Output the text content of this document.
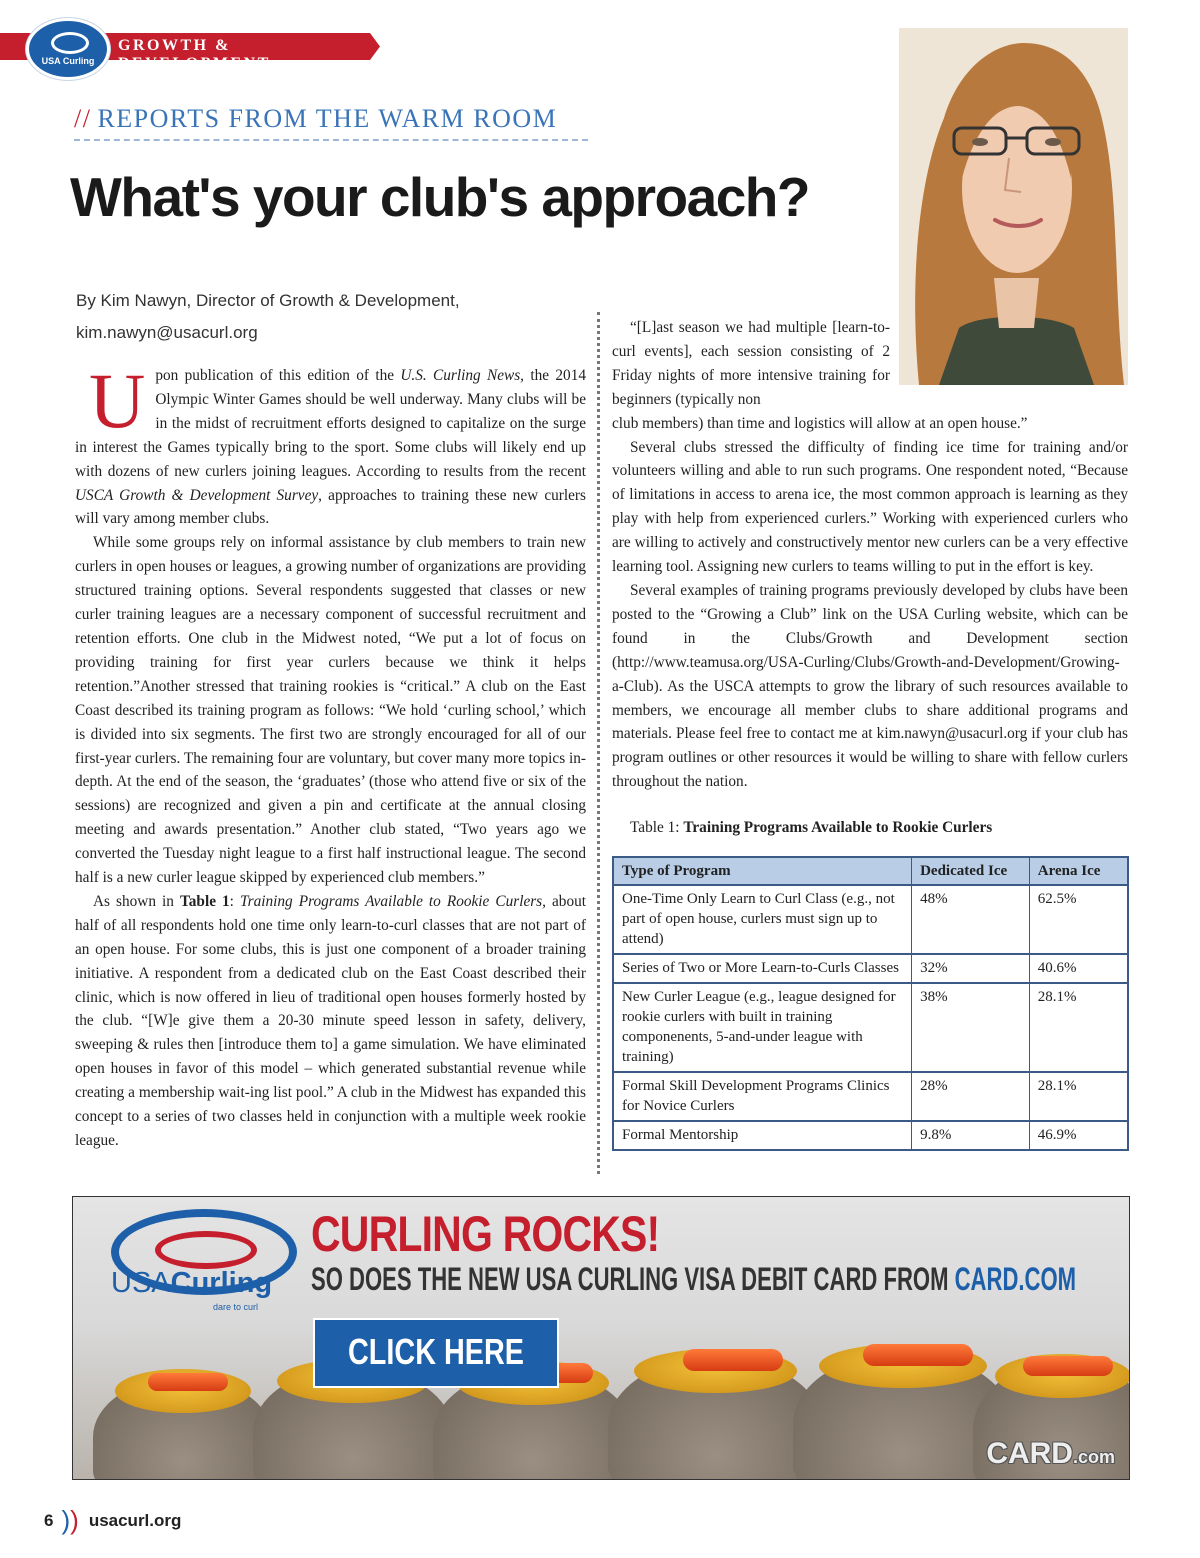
GROWTH & DEVELOPMENT
USA Curling
// REPORTS FROM THE WARM ROOM
What's your club's approach?
By Kim Nawyn, Director of Growth & Development,
kim.nawyn@usacurl.org

Upon publication of this edition of the U.S. Curling News, the 2014 Olympic Winter Games should be well underway. Many clubs will be in the midst of recruitment efforts designed to capitalize on the surge in interest the Games typically bring to the sport. Some clubs will likely end up with dozens of new curlers joining leagues. According to results from the recent USCA Growth & Development Survey, approaches to training these new curlers will vary among member clubs.

While some groups rely on informal assistance by club members to train new curlers in open houses or leagues, a growing number of organizations are providing structured training options. Several respondents suggested that classes or new curler training leagues are a necessary component of successful recruitment and retention efforts. One club in the Midwest noted, “We put a lot of focus on providing training for first year curlers because we think it helps retention.”Another stressed that training rookies is “critical.” A club on the East Coast described its training program as follows: “We hold ‘curling school,’ which is divided into six segments. The first two are strongly encouraged for all of our first-year curlers. The remaining four are voluntary, but cover many more topics in-depth. At the end of the season, the ‘graduates’ (those who attend five or six of the sessions) are recognized and given a pin and certificate at the annual closing meeting and awards presentation.” Another club stated, “Two years ago we converted the Tuesday night league to a first half instructional league. The second half is a new curler league skipped by experienced club members.”

As shown in Table 1: Training Programs Available to Rookie Curlers, about half of all respondents hold one time only learn-to-curl classes that are not part of an open house. For some clubs, this is just one component of a broader training initiative. A respondent from a dedicated club on the East Coast described their clinic, which is now offered in lieu of traditional open houses formerly hosted by the club. “[W]e give them a 20-30 minute speed lesson in safety, delivery, sweeping & rules then [introduce them to] a game simulation. We have eliminated open houses in favor of this model – which generated substantial revenue while creating a membership wait-ing list pool.” A club in the Midwest has expanded this concept to a series of two classes held in conjunction with a multiple week rookie league.

“[L]ast season we had multiple [learn-to-curl events], each session consisting of 2 Friday nights of more intensive training for beginners (typically non

club members) than time and logistics will allow at an open house.”

Several clubs stressed the difficulty of finding ice time for training and/or volunteers willing and able to run such programs. One respondent noted, “Because of limitations in access to arena ice, the most common approach is learning as they play with help from experienced curlers.” Working with experienced curlers who are willing to actively and constructively mentor new curlers can be a very effective learning tool. Assigning new curlers to teams willing to put in the effort is key.

Several examples of training programs previously developed by clubs have been posted to the “Growing a Club” link on the USA Curling website, which can be found in the Clubs/Growth and Development section (http://www.teamusa.org/USA-Curling/Clubs/Growth-and-Development/Growing-a-Club). As the USCA attempts to grow the library of such resources available to members, we encourage all member clubs to share additional programs and materials. Please feel free to contact me at kim.nawyn@usacurl.org if your club has program outlines or other resources it would be willing to share with fellow curlers throughout the nation.

Table 1: Training Programs Available to Rookie Curlers
Type of Program	Dedicated Ice	Arena Ice
One-Time Only Learn to Curl Class (e.g., not part of open house, curlers must sign up to attend)	48%	62.5%
Series of Two or More Learn-to-Curls Classes	32%	40.6%
New Curler League (e.g., league designed for rookie curlers with built in training componenents, 5-and-under league with training)	38%	28.1%
Formal Skill Development Programs Clinics for Novice Curlers	28%	28.1%
Formal Mentorship	9.8%	46.9%
USACurling
dare to curl
CURLING ROCKS!
SO DOES THE NEW USA CURLING VISA DEBIT CARD FROM CARD.COM
CLICK HERE
CARD.com
6 )) usacurl.org
